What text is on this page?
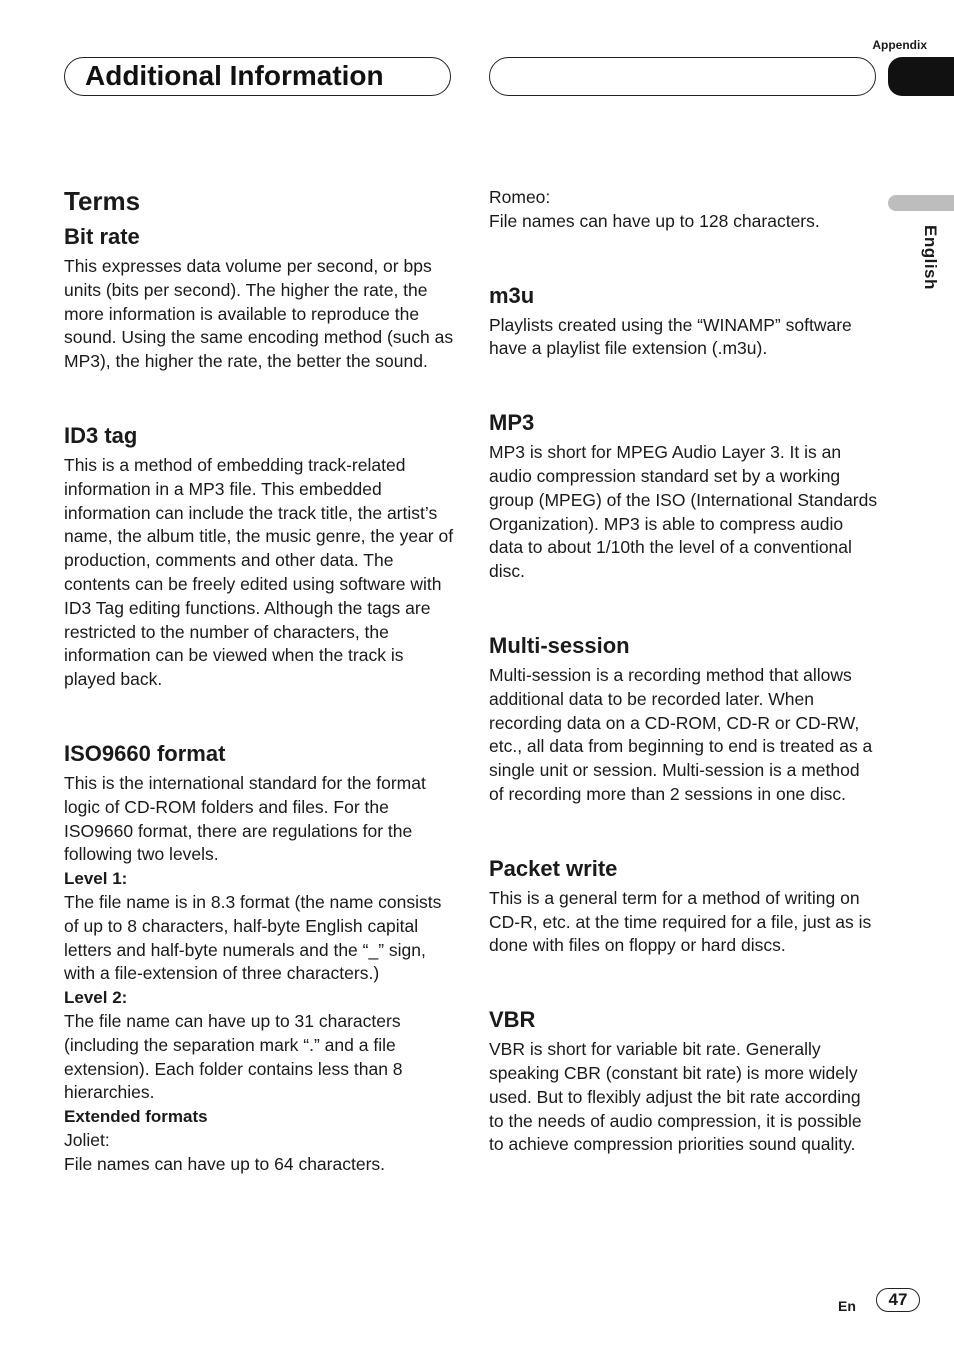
Appendix
Additional Information
English
Terms
Bit rate

This expresses data volume per second, or bps units (bits per second). The higher the rate, the more information is available to reproduce the sound. Using the same encoding method (such as MP3), the higher the rate, the better the sound.

ID3 tag

This is a method of embedding track-related information in a MP3 file. This embedded information can include the track title, the artist’s name, the album title, the music genre, the year of production, comments and other data. The contents can be freely edited using software with ID3 Tag editing functions. Although the tags are restricted to the number of characters, the information can be viewed when the track is played back.

ISO9660 format

This is the international standard for the format logic of CD-ROM folders and files. For the ISO9660 format, there are regulations for the following two levels.

Level 1:

The file name is in 8.3 format (the name consists of up to 8 characters, half-byte English capital letters and half-byte numerals and the “_” sign, with a file-extension of three characters.)

Level 2:

The file name can have up to 31 characters (including the separation mark “.” and a file extension). Each folder contains less than 8 hierarchies.

Extended formats

Joliet:

File names can have up to 64 characters.

Romeo:

File names can have up to 128 characters.

m3u

Playlists created using the “WINAMP” software have a playlist file extension (.m3u).

MP3

MP3 is short for MPEG Audio Layer 3. It is an audio compression standard set by a working group (MPEG) of the ISO (International Standards Organization). MP3 is able to compress audio data to about 1/10th the level of a conventional disc.

Multi-session

Multi-session is a recording method that allows additional data to be recorded later. When recording data on a CD-ROM, CD-R or CD-RW, etc., all data from beginning to end is treated as a single unit or session. Multi-session is a method of recording more than 2 sessions in one disc.

Packet write

This is a general term for a method of writing on CD-R, etc. at the time required for a file, just as is done with files on floppy or hard discs.

VBR

VBR is short for variable bit rate. Generally speaking CBR (constant bit rate) is more widely used. But to flexibly adjust the bit rate according to the needs of audio compression, it is possible to achieve compression priorities sound quality.

En	47
